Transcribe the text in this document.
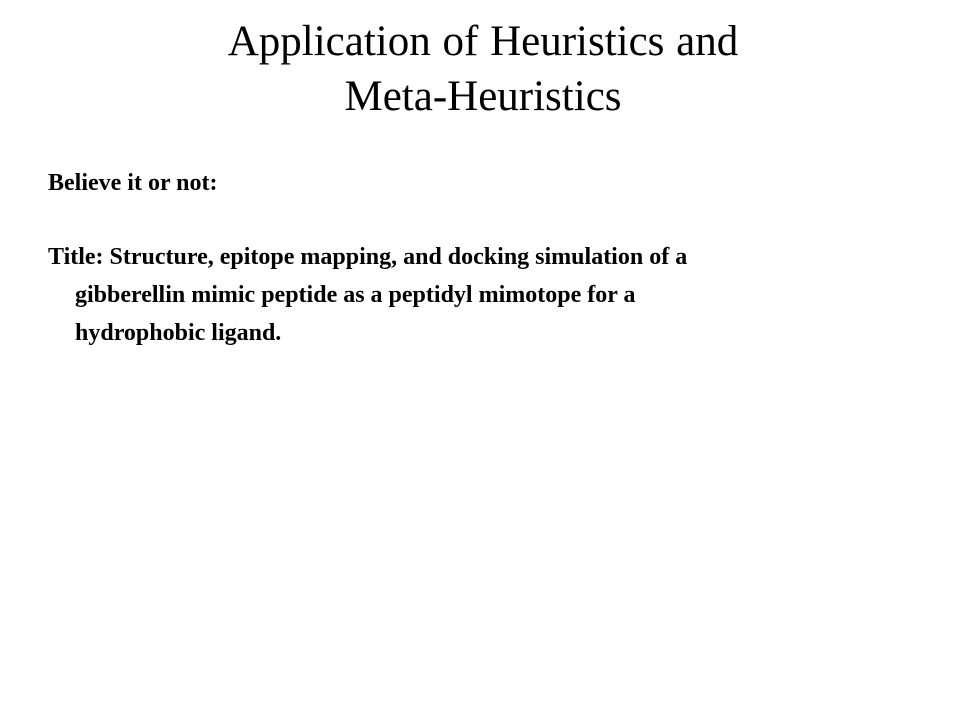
Application of Heuristics and
Meta-Heuristics

Believe it or not:

Title: Structure, epitope mapping, and docking simulation of a
gibberellin mimic peptide as a peptidyl mimotope for a
hydrophobic ligand.
